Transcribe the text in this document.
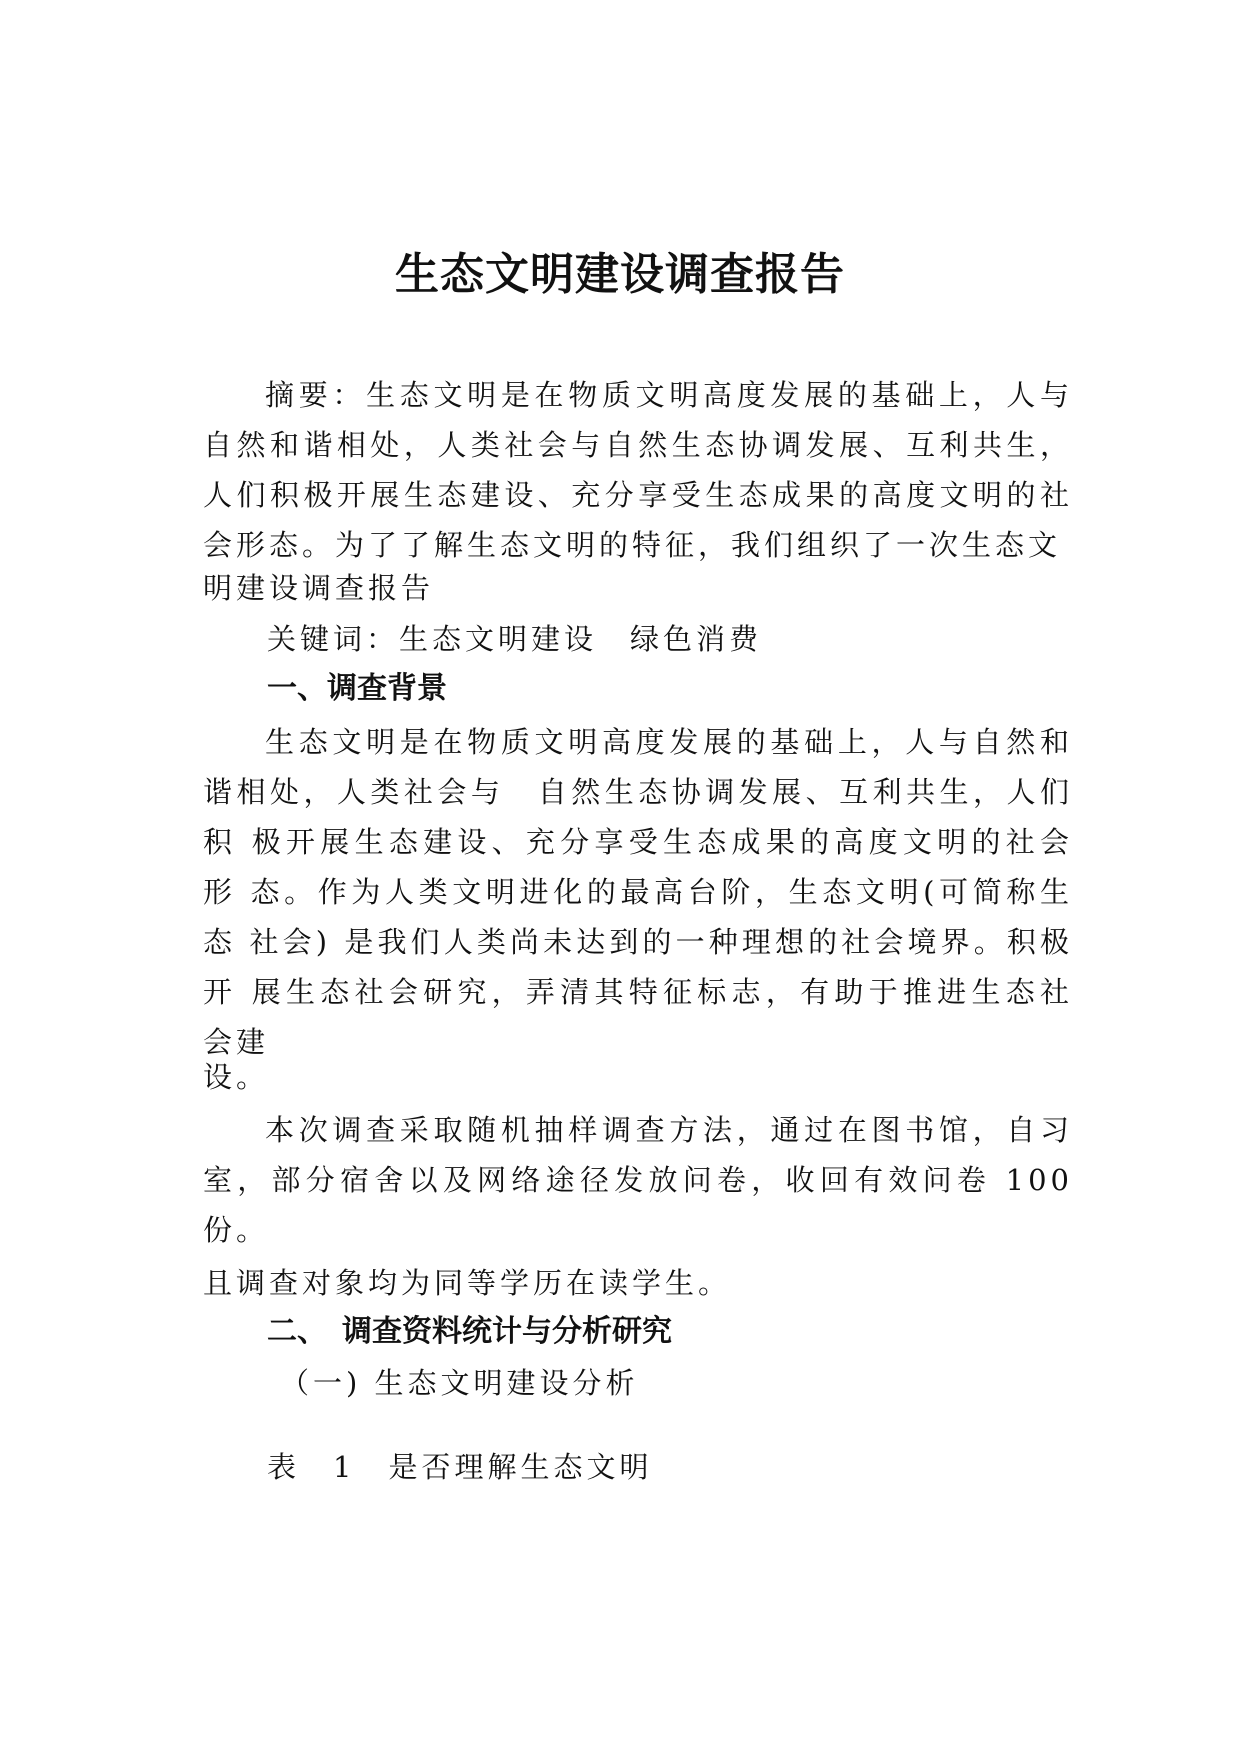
生态文明建设调查报告

摘要：生态文明是在物质文明高度发展的基础上，人与自然和谐相处，人类社会与自然生态协调发展、互利共生，人们积极开展生态建设、充分享受生态成果的高度文明的社会形态。为了了解生态文明的特征，我们组织了一次生态文

明建设调查报告

关键词：生态文明建设　绿色消费

一、调查背景

生态文明是在物质文明高度发展的基础上，人与自然和谐相处，人类社会与　自然生态协调发展、互利共生，人们积 极开展生态建设、充分享受生态成果的高度文明的社会形 态。作为人类文明进化的最高台阶，生态文明(可简称生态 社会) 是我们人类尚未达到的一种理想的社会境界。积极开 展生态社会研究，弄清其特征标志，有助于推进生态社会建

设。

本次调查采取随机抽样调查方法，通过在图书馆，自习室，部分宿舍以及网络途径发放问卷，收回有效问卷 100 份。

且调查对象均为同等学历在读学生。

二、　调查资料统计与分析研究

（一) 生态文明建设分析

表　1　是否理解生态文明
